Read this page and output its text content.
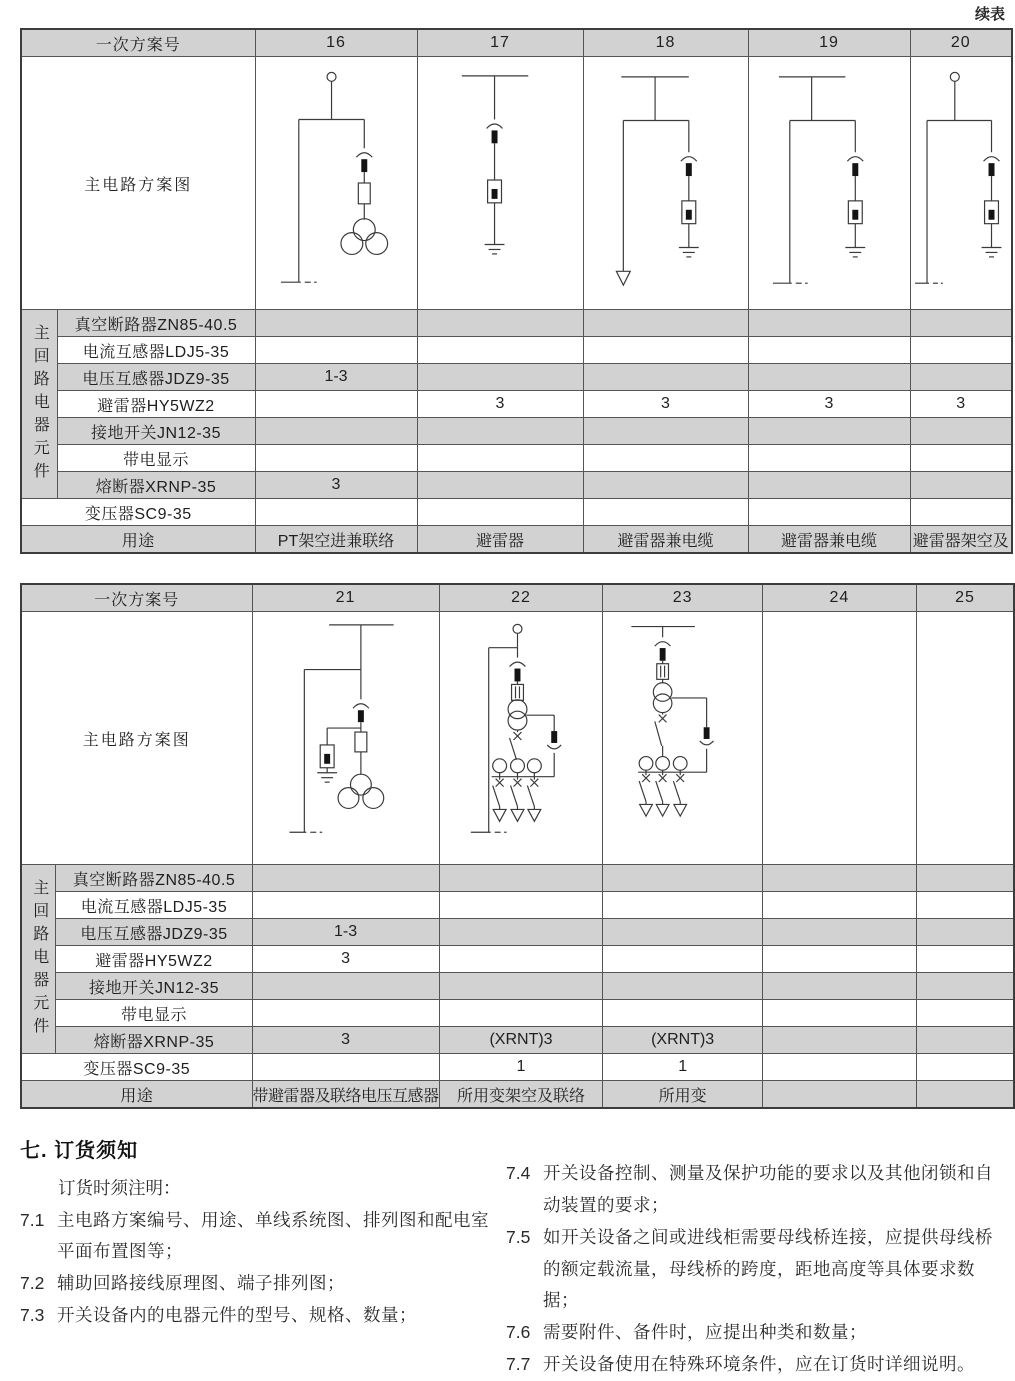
续表
一次方案号		16	17	18	19	20
主电路方案图	

主回路电器元件	真空断路器ZN85-40.5					
	电流互感器LDJ5-35					
	电压互感器JDZ9-35	1-3				
	避雷器HY5WZ2		3	3	3	3
	接地开关JN12-35					
	带电显示					
	熔断器XRNP-35	3				
变压器SC9-35						
用途		PT架空进兼联络	避雷器	避雷器兼电缆	避雷器兼电缆	避雷器架空及
一次方案号		21	22	23	24	25
主电路方案图	

主回路电器元件	真空断路器ZN85-40.5					
	电流互感器LDJ5-35					
	电压互感器JDZ9-35	1-3				
	避雷器HY5WZ2	3				
	接地开关JN12-35					
	带电显示					
	熔断器XRNP-35	3	(XRNT)3	(XRNT)3		
变压器SC9-35			1	1		
用途		带避雷器及联络电压互感器	所用变架空及联络	所用变		
七. 订货须知
订货时须注明：
7.1 主电路方案编号、用途、单线系统图、排列图和配电室平面布置图等；
7.2 辅助回路接线原理图、端子排列图；
7.3 开关设备内的电器元件的型号、规格、数量；
7.4 开关设备控制、测量及保护功能的要求以及其他闭锁和自动装置的要求；
7.5 如开关设备之间或进线柜需要母线桥连接，应提供母线桥的额定载流量，母线桥的跨度，距地高度等具体要求数据；
7.6 需要附件、备件时，应提出种类和数量；
7.7 开关设备使用在特殊环境条件，应在订货时详细说明。
